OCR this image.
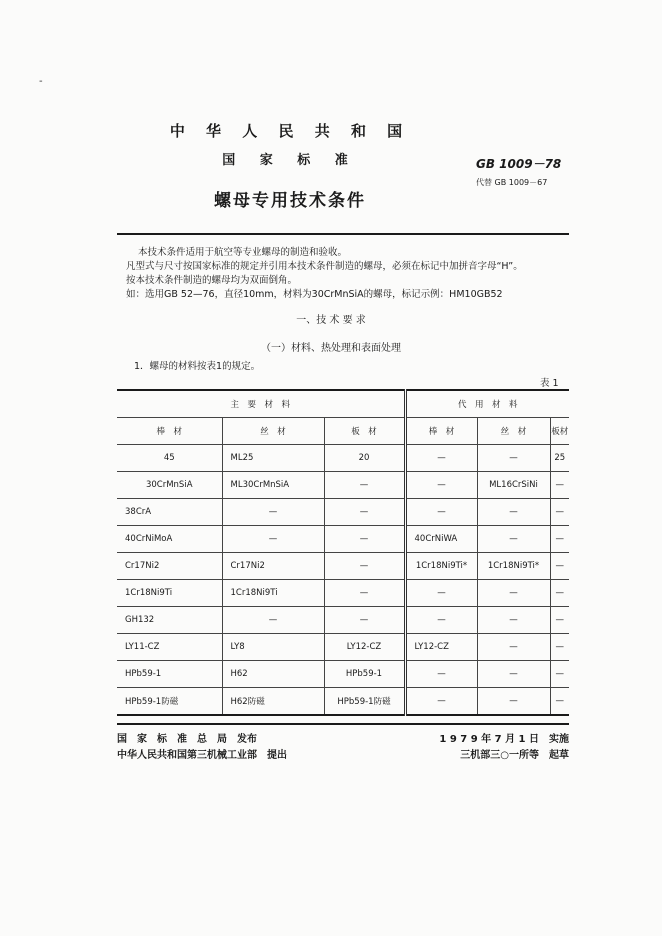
-
中 华 人 民 共 和 国
国 家 标 准	GB 1009－78
代替 GB 1009－67
螺母专用技术条件
本技术条件适用于航空等专业螺母的制造和验收。
凡型式与尺寸按国家标准的规定并引用本技术条件制造的螺母，必须在标记中加拼音字母“H”。
按本技术条件制造的螺母均为双面倒角。
如：选用GB 52—76，直径10mm，材料为30CrMnSiA的螺母，标记示例：HM10GB52
一、技 术 要 求
（一）材料、热处理和表面处理
1．螺母的材料按表1的规定。
表 1
主　要　材　料			代　用　材　料		
棒　材	丝　材	板　材	棒　材	丝　材	板材
45	ML25	20	—	—	25
30CrMnSiA	ML30CrMnSiA	—	—	ML16CrSiNi	—
38CrA	—	—	—	—	—
40CrNiMoA	—	—	40CrNiWA	—	—
Cr17Ni2	Cr17Ni2	—	1Cr18Ni9Ti*	1Cr18Ni9Ti*	—
1Cr18Ni9Ti	1Cr18Ni9Ti	—	—	—	—
GH132	—	—	—	—	—
LY11-CZ	LY8	LY12-CZ	LY12-CZ	—	—
HPb59-1	H62	HPb59-1	—	—	—
HPb59-1防磁	H62防磁	HPb59-1防磁	—	—	—
国　家　标　准　总　局　发布
中华人民共和国第三机械工业部　提出
1 9 7 9 年 7 月 1 日　实施
三机部三○一所等　起草
